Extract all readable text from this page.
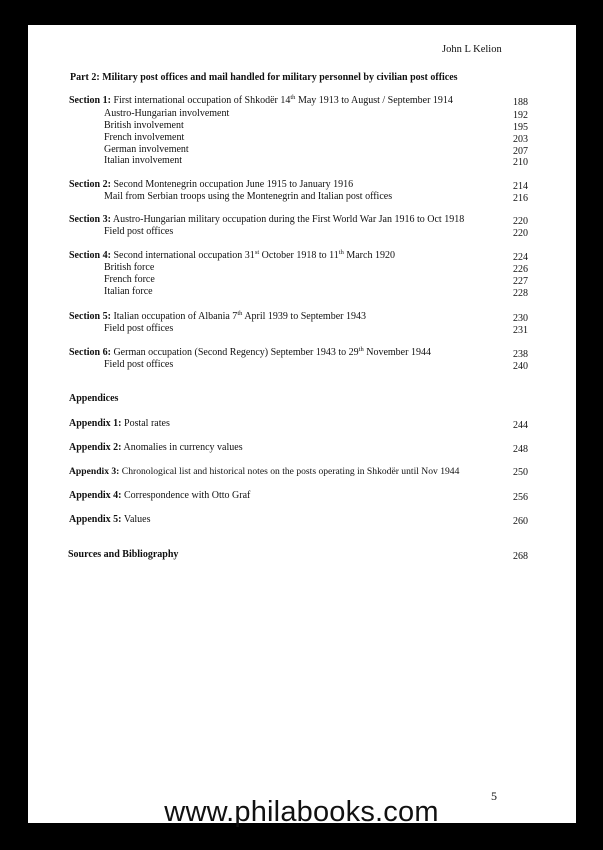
John L Kelion
Part 2: Military post offices and mail handled for military personnel by civilian post offices
Section 1: First international occupation of Shkodër 14th May 1913 to August / September 1914	188
Austro-Hungarian involvement	192
British involvement	195
French involvement	203
German involvement	207
Italian involvement	210
Section 2: Second Montenegrin occupation June 1915 to January 1916	214
Mail from Serbian troops using the Montenegrin and Italian post offices	216
Section 3: Austro-Hungarian military occupation during the First World War Jan 1916 to Oct 1918	220
Field post offices	220
Section 4: Second international occupation 31st October 1918 to 11th March 1920	224
British force	226
French force	227
Italian force	228
Section 5: Italian occupation of Albania 7th April 1939 to September 1943	230
Field post offices	231
Section 6: German occupation (Second Regency) September 1943 to 29th November 1944	238
Field post offices	240
Appendices
Appendix 1: Postal rates	244
Appendix 2: Anomalies in currency values	248
Appendix 3: Chronological list and historical notes on the posts operating in Shkodër until Nov 1944	250
Appendix 4: Correspondence with Otto Graf	256
Appendix 5: Values	260
Sources and Bibliography	268
5
www.philabooks.com
